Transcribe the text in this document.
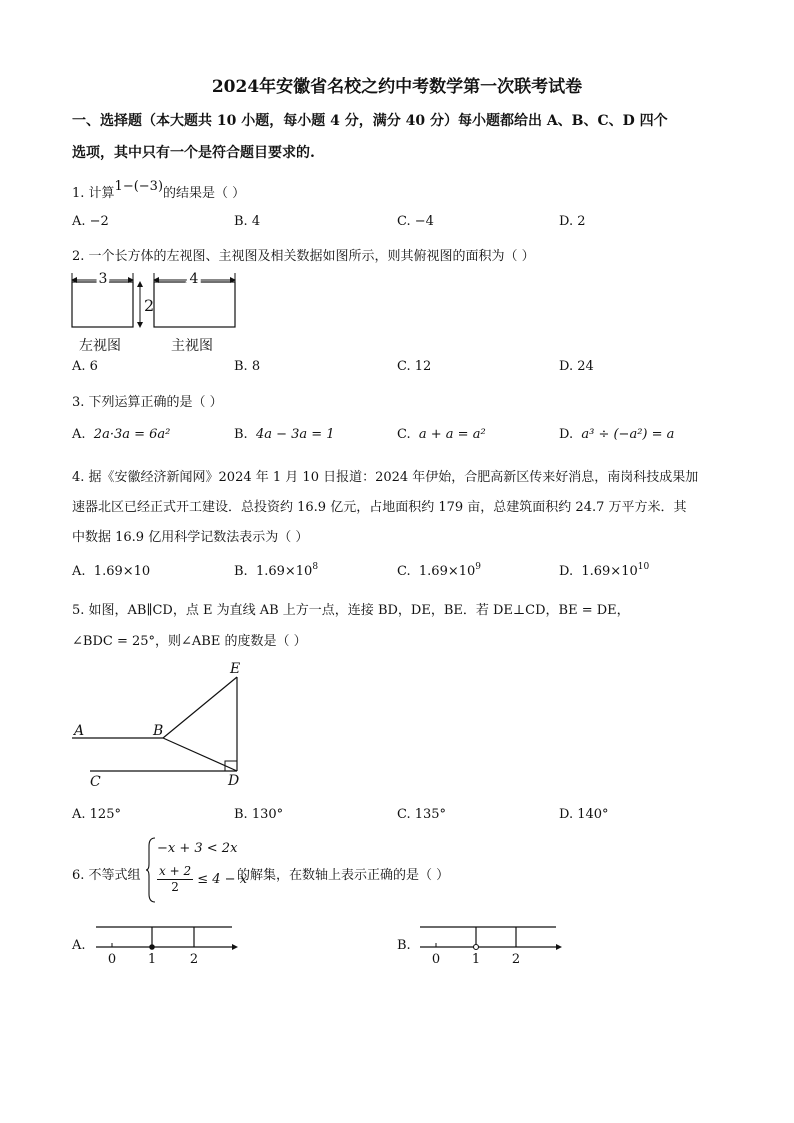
2024年安徽省名校之约中考数学第一次联考试卷
一、选择题（本大题共 10 小题，每小题 4 分，满分 40 分）每小题都给出 A、B、C、D 四个
选项，其中只有一个是符合题目要求的.
1. 计算1−(−3)的结果是（ ）
A. −2	B. 4	C. −4	D. 2
2. 一个长方体的左视图、主视图及相关数据如图所示，则其俯视图的面积为（ ）
3
2
4
左视图	主视图
A. 6	B. 8	C. 12	D. 24
3. 下列运算正确的是（ ）
A. 2a·3a = 6a²	B. 4a − 3a = 1	C. a + a = a²	D. a³ ÷ (−a²) = a
4. 据《安徽经济新闻网》2024 年 1 月 10 日报道：2024 年伊始，合肥高新区传来好消息，南岗科技成果加
速器北区已经正式开工建设．总投资约 16.9 亿元，占地面积约 179 亩，总建筑面积约 24.7 万平方米．其
中数据 16.9 亿用科学记数法表示为（ ）
A. 1.69×10	B. $1.69\times 10^8$	C. $1.69\times 10^9$	D. $1.69\times 10^{10}$
5. 如图，AB∥CD，点 E 为直线 AB 上方一点，连接 BD，DE，BE．若 DE⊥CD，BE = DE，
∠BDC = 25°，则∠ABE 的度数是（ ）
A	B
C	D
E
A. 125°	B. 130°	C. 135°	D. 140°
6. 不等式组
−x + 3 < 2x
$\frac{x + 2}{2} \le 4 - x$
的解集，在数轴上表示正确的是（ ）
A.
0 1	2
B.
0 1 2
